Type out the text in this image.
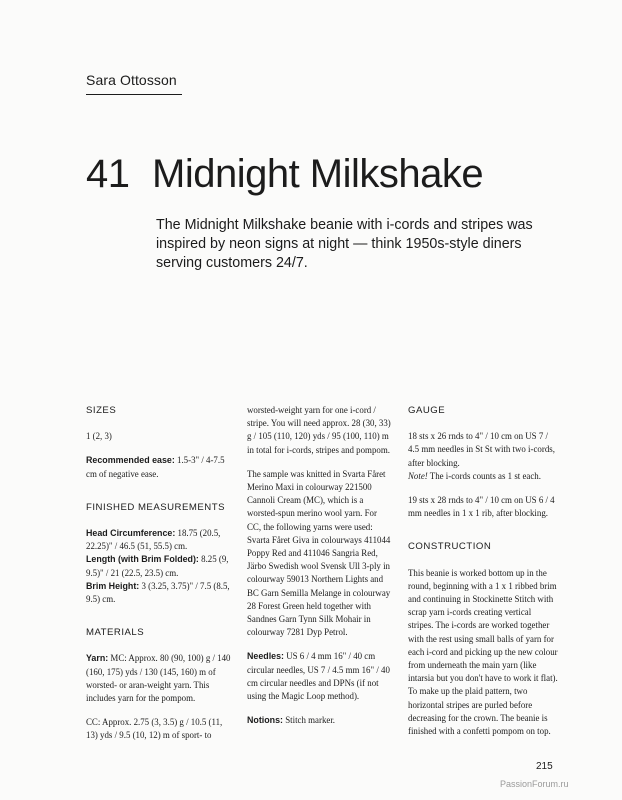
Sara Ottosson
41 Midnight Milkshake
The Midnight Milkshake beanie with i-cords and stripes was inspired by neon signs at night — think 1950s-style diners serving customers 24/7.
SIZES
1 (2, 3)
Recommended ease: 1.5-3" / 4-7.5 cm of negative ease.
FINISHED MEASUREMENTS
Head Circumference: 18.75 (20.5, 22.25)" / 46.5 (51, 55.5) cm.
Length (with Brim Folded): 8.25 (9, 9.5)" / 21 (22.5, 23.5) cm.
Brim Height: 3 (3.25, 3.75)" / 7.5 (8.5, 9.5) cm.
MATERIALS
Yarn: MC: Approx. 80 (90, 100) g / 140 (160, 175) yds / 130 (145, 160) m of worsted- or aran-weight yarn. This includes yarn for the pompom.
CC: Approx. 2.75 (3, 3.5) g / 10.5 (11, 13) yds / 9.5 (10, 12) m of sport- to
worsted-weight yarn for one i-cord / stripe. You will need approx. 28 (30, 33) g / 105 (110, 120) yds / 95 (100, 110) m in total for i-cords, stripes and pompom.
The sample was knitted in Svarta Fåret Merino Maxi in colourway 221500 Cannoli Cream (MC), which is a worsted-spun merino wool yarn. For CC, the following yarns were used: Svarta Fåret Giva in colourways 411044 Poppy Red and 411046 Sangria Red, Järbo Swedish wool Svensk Ull 3-ply in colourway 59013 Northern Lights and BC Garn Semilla Melange in colourway 28 Forest Green held together with Sandnes Garn Tynn Silk Mohair in colourway 7281 Dyp Petrol.
Needles: US 6 / 4 mm 16" / 40 cm circular needles, US 7 / 4.5 mm 16" / 40 cm circular needles and DPNs (if not using the Magic Loop method).
Notions: Stitch marker.
GAUGE
18 sts x 26 rnds to 4" / 10 cm on US 7 / 4.5 mm needles in St St with two i-cords, after blocking.
Note! The i-cords counts as 1 st each.
19 sts x 28 rnds to 4" / 10 cm on US 6 / 4 mm needles in 1 x 1 rib, after blocking.
CONSTRUCTION
This beanie is worked bottom up in the round, beginning with a 1 x 1 ribbed brim and continuing in Stockinette Stitch with scrap yarn i-cords creating vertical stripes. The i-cords are worked together with the rest using small balls of yarn for each i-cord and picking up the new colour from underneath the main yarn (like intarsia but you don't have to work it flat). To make up the plaid pattern, two horizontal stripes are purled before decreasing for the crown. The beanie is finished with a confetti pompom on top.
215
PassionForum.ru
